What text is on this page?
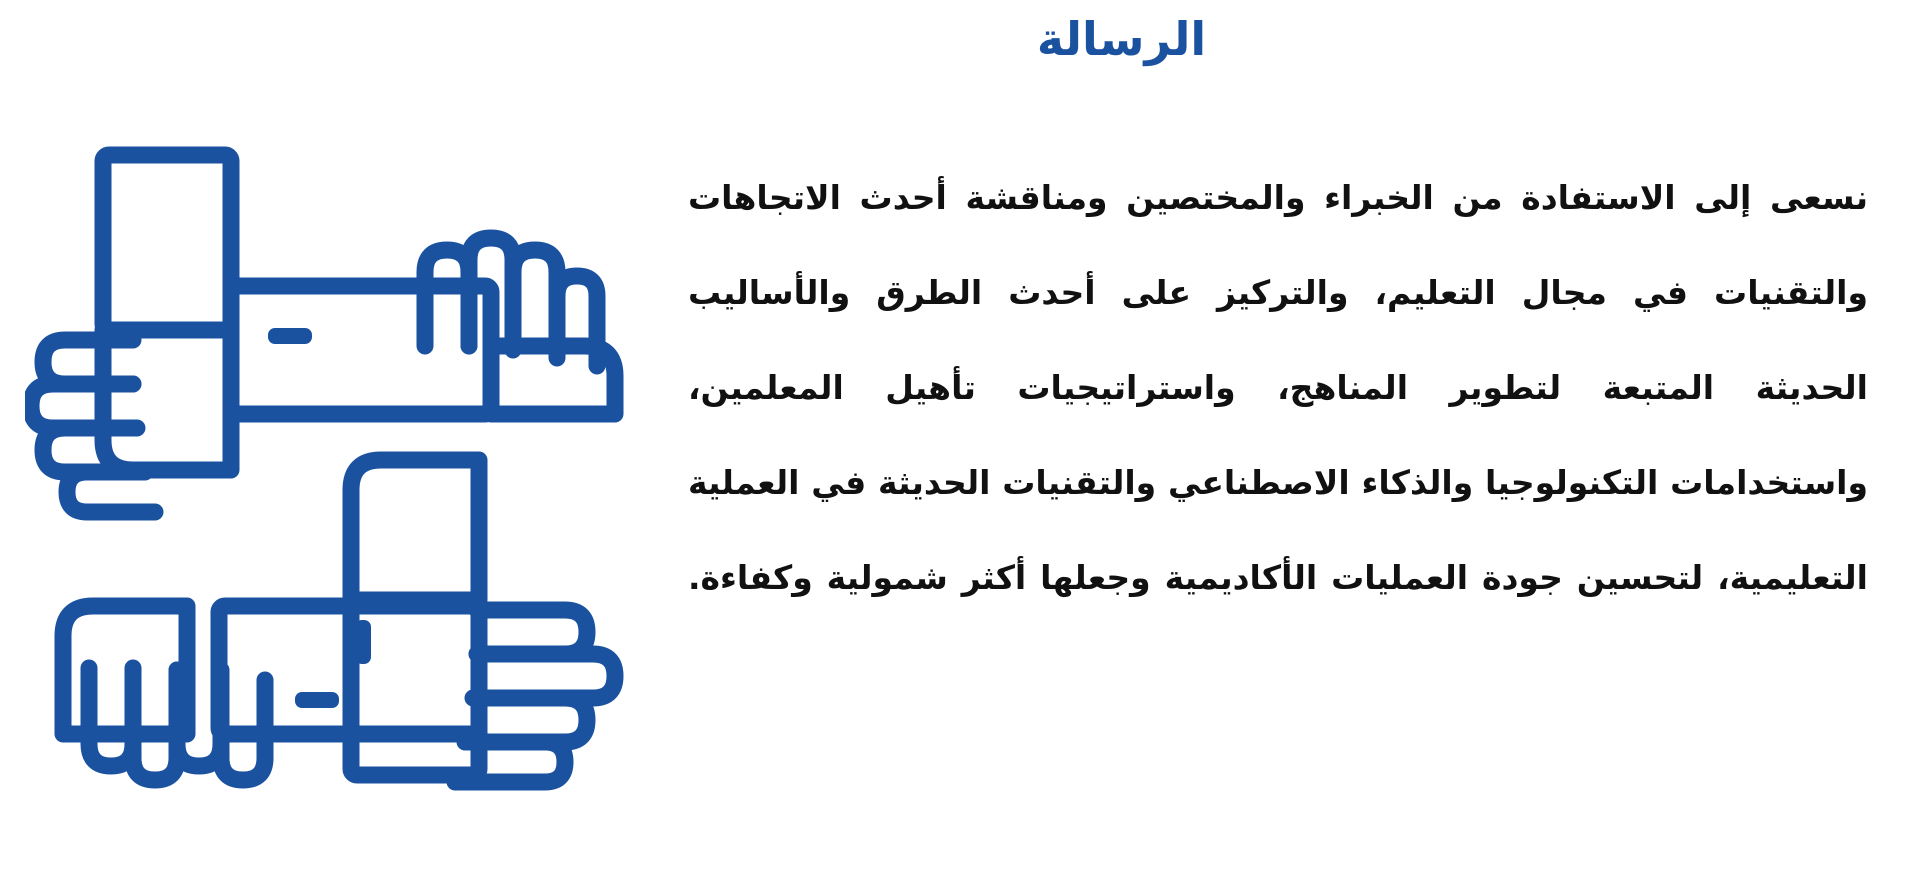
الرسالة

نسعى إلى الاستفادة من الخبراء والمختصين ومناقشة أحدث الاتجاهات والتقنيات في مجال التعليم، والتركيز على أحدث الطرق والأساليب الحديثة المتبعة لتطوير المناهج، واستراتيجيات تأهيل المعلمين، واستخدامات التكنولوجيا والذكاء الاصطناعي والتقنيات الحديثة في العملية التعليمية، لتحسين جودة العمليات الأكاديمية وجعلها أكثر شمولية وكفاءة.
